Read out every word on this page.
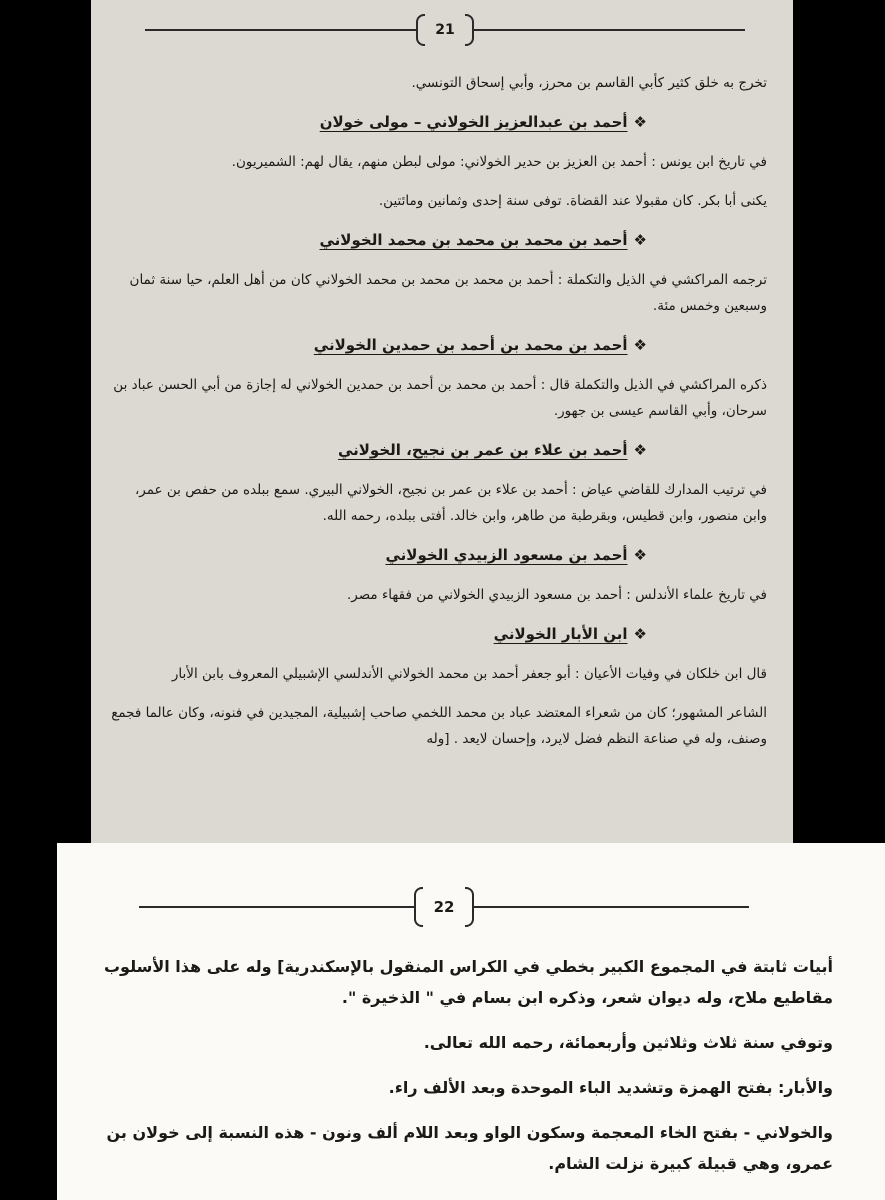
21

تخرج به خلق كثير كأبي القاسم بن محرز، وأبي إسحاق التونسي.

❖أحمد بن عبدالعزيز الخولاني – مولى خولان

في تاريخ ابن يونس : أحمد بن العزيز بن حدير الخولاني: مولى لبطن منهم، يقال لهم: الشميريون.

يكنى أبا بكر. كان مقبولا عند القضاة. توفى سنة إحدى وثمانين ومائتين.

❖أحمد بن محمد بن محمد بن محمد الخولاني

ترجمه المراكشي في الذيل والتكملة : أحمد بن محمد بن محمد بن محمد الخولاني كان من أهل العلم، حيا سنة ثمان وسبعين وخمس مئة.

❖أحمد بن محمد بن أحمد بن حمدين الخولاني

ذكره المراكشي في الذيل والتكملة قال : أحمد بن محمد بن أحمد بن حمدين الخولاني له إجازة من أبي الحسن عباد بن سرحان، وأبي القاسم عيسى بن جهور.

❖أحمد بن علاء بن عمر بن نجيح، الخولاني

في ترتيب المدارك للقاضي عياض : أحمد بن علاء بن عمر بن نجيح، الخولاني البيري. سمع ببلده من حفص بن عمر، وابن منصور، وابن قطيس، وبقرطبة من طاهر، وابن خالد. أفتى ببلده، رحمه الله.

❖أحمد بن مسعود الزبيدي الخولاني

في تاريخ علماء الأندلس : أحمد بن مسعود الزبيدي الخولاني من فقهاء مصر.

❖ابن الأبار الخولاني

قال ابن خلكان في وفيات الأعيان : أبو جعفر أحمد بن محمد الخولاني الأندلسي الإشبيلي المعروف بابن الأبار

الشاعر المشهور؛ كان من شعراء المعتضد عباد بن محمد اللخمي صاحب إشبيلية، المجيدين في فنونه، وكان عالما فجمع وصنف، وله في صناعة النظم فضل لايرد، وإحسان لايعد . [وله

22

أبيات ثابتة في المجموع الكبير بخطي في الكراس المنقول بالإسكندرية] وله على هذا الأسلوب مقاطيع ملاح، وله ديوان شعر، وذكره ابن بسام في " الذخيرة ".

وتوفي سنة ثلاث وثلاثين وأربعمائة، رحمه الله تعالى.

والأبار: بفتح الهمزة وتشديد الباء الموحدة وبعد الألف راء.

والخولاني - بفتح الخاء المعجمة وسكون الواو وبعد اللام ألف ونون - هذه النسبة إلى خولان بن عمرو، وهي قبيلة كبيرة نزلت الشام.
